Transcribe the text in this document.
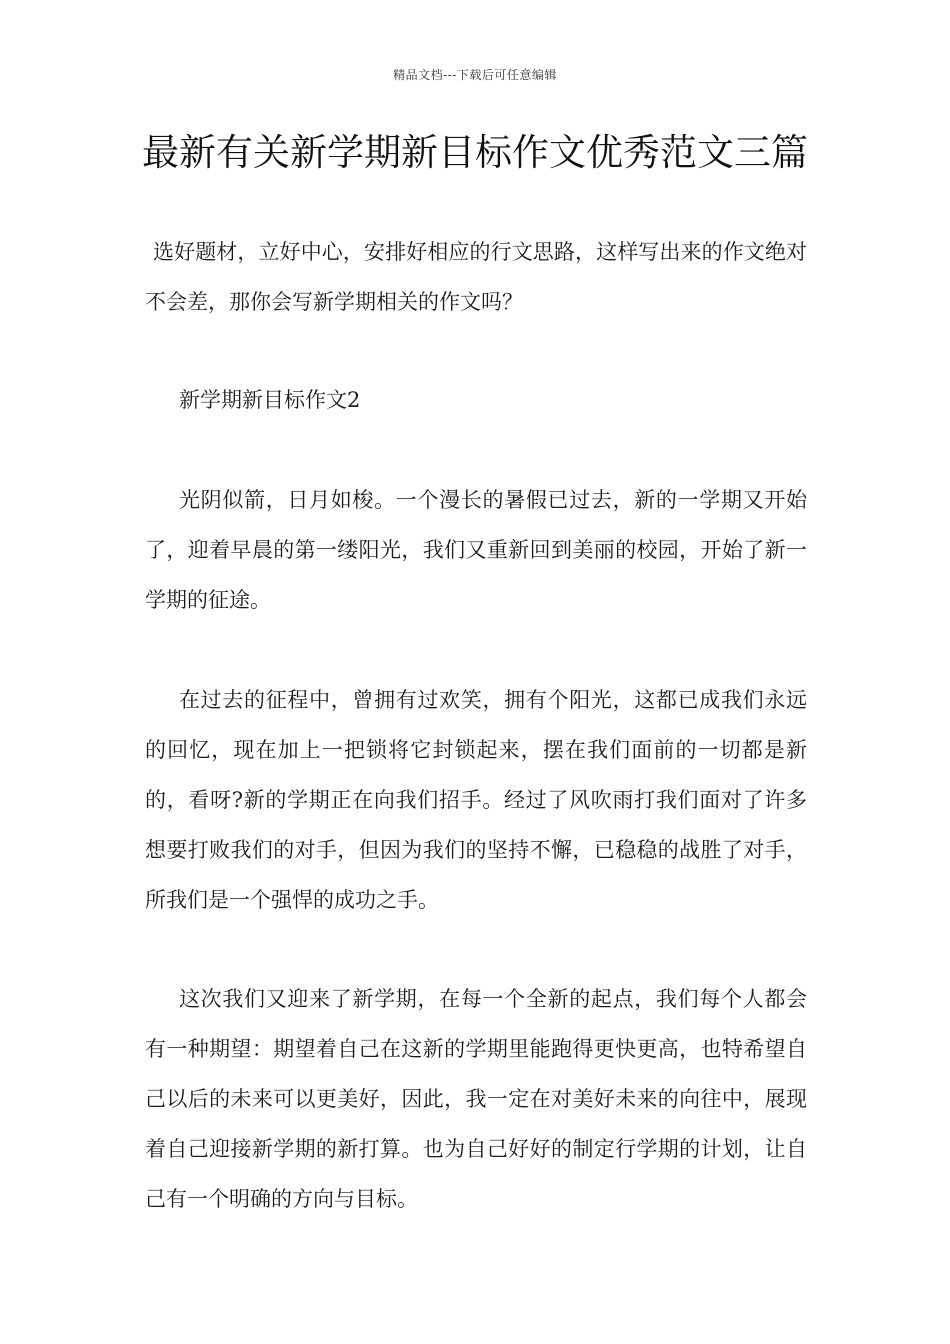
精品文档---下载后可任意编辑
最新有关新学期新目标作文优秀范文三篇

选好题材，立好中心，安排好相应的行文思路，这样写出来的作文绝对不会差，那你会写新学期相关的作文吗？

新学期新目标作文2

光阴似箭，日月如梭。一个漫长的暑假已过去，新的一学期又开始了，迎着早晨的第一缕阳光，我们又重新回到美丽的校园，开始了新一学期的征途。

在过去的征程中，曾拥有过欢笑，拥有个阳光，这都已成我们永远的回忆，现在加上一把锁将它封锁起来，摆在我们面前的一切都是新的，看呀?新的学期正在向我们招手。经过了风吹雨打我们面对了许多想要打败我们的对手，但因为我们的坚持不懈，已稳稳的战胜了对手，所我们是一个强悍的成功之手。

这次我们又迎来了新学期，在每一个全新的起点，我们每个人都会有一种期望：期望着自己在这新的学期里能跑得更快更高，也特希望自己以后的未来可以更美好，因此，我一定在对美好未来的向往中，展现着自己迎接新学期的新打算。也为自己好好的制定行学期的计划，让自己有一个明确的方向与目标。
